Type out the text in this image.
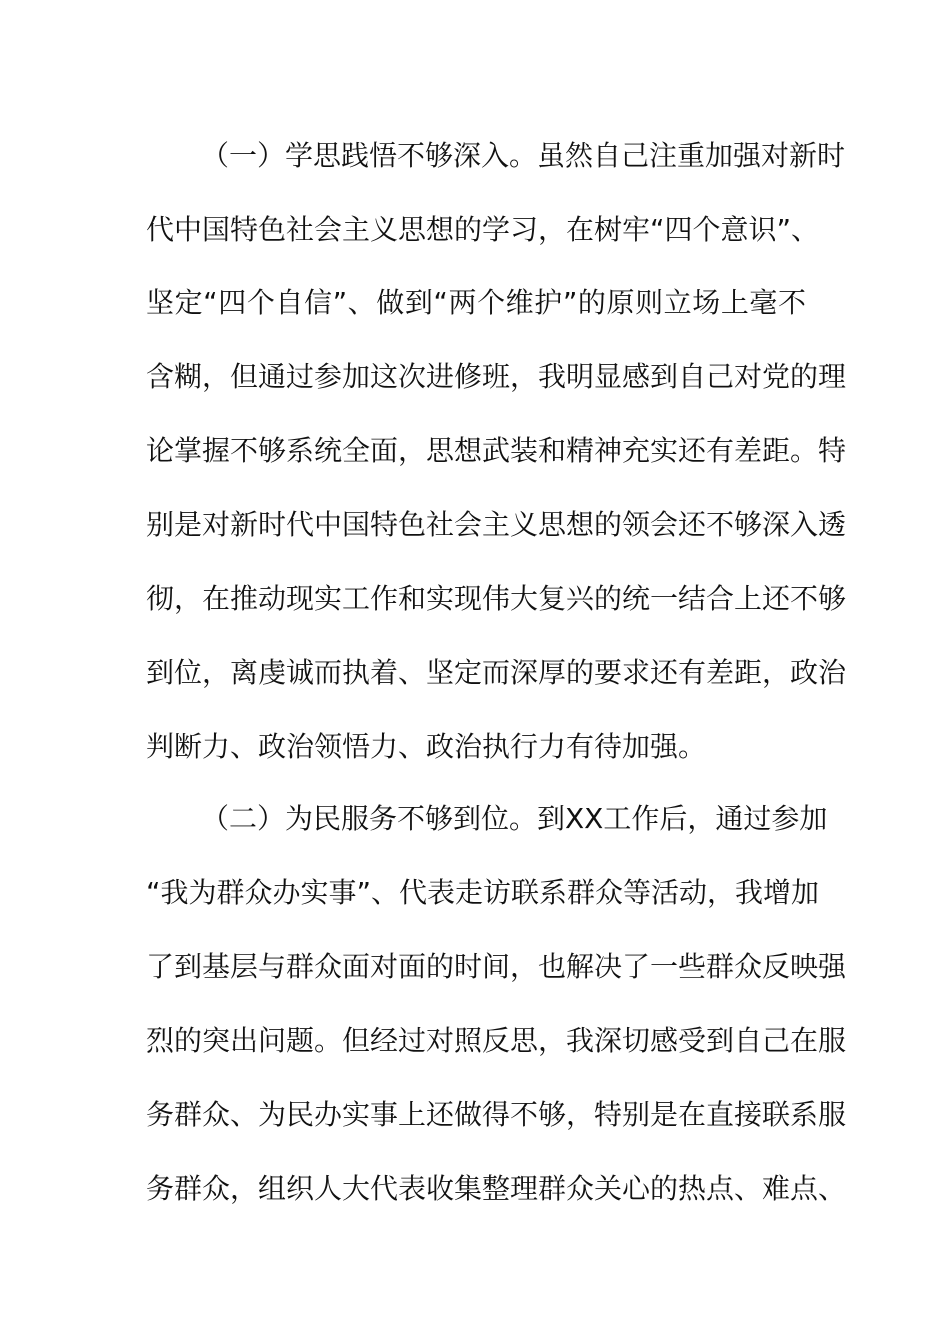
（一）学思践悟不够深入。虽然自己注重加强对新时
代中国特色社会主义思想的学习，在树牢“四个意识”、
坚定“四个自信”、做到“两个维护”的原则立场上毫不
含糊，但通过参加这次进修班，我明显感到自己对党的理
论掌握不够系统全面，思想武装和精神充实还有差距。特
别是对新时代中国特色社会主义思想的领会还不够深入透
彻，在推动现实工作和实现伟大复兴的统一结合上还不够
到位，离虔诚而执着、坚定而深厚的要求还有差距，政治
判断力、政治领悟力、政治执行力有待加强。
（二）为民服务不够到位。到XX工作后，通过参加
“我为群众办实事”、代表走访联系群众等活动，我增加
了到基层与群众面对面的时间，也解决了一些群众反映强
烈的突出问题。但经过对照反思，我深切感受到自己在服
务群众、为民办实事上还做得不够，特别是在直接联系服
务群众，组织人大代表收集整理群众关心的热点、难点、
